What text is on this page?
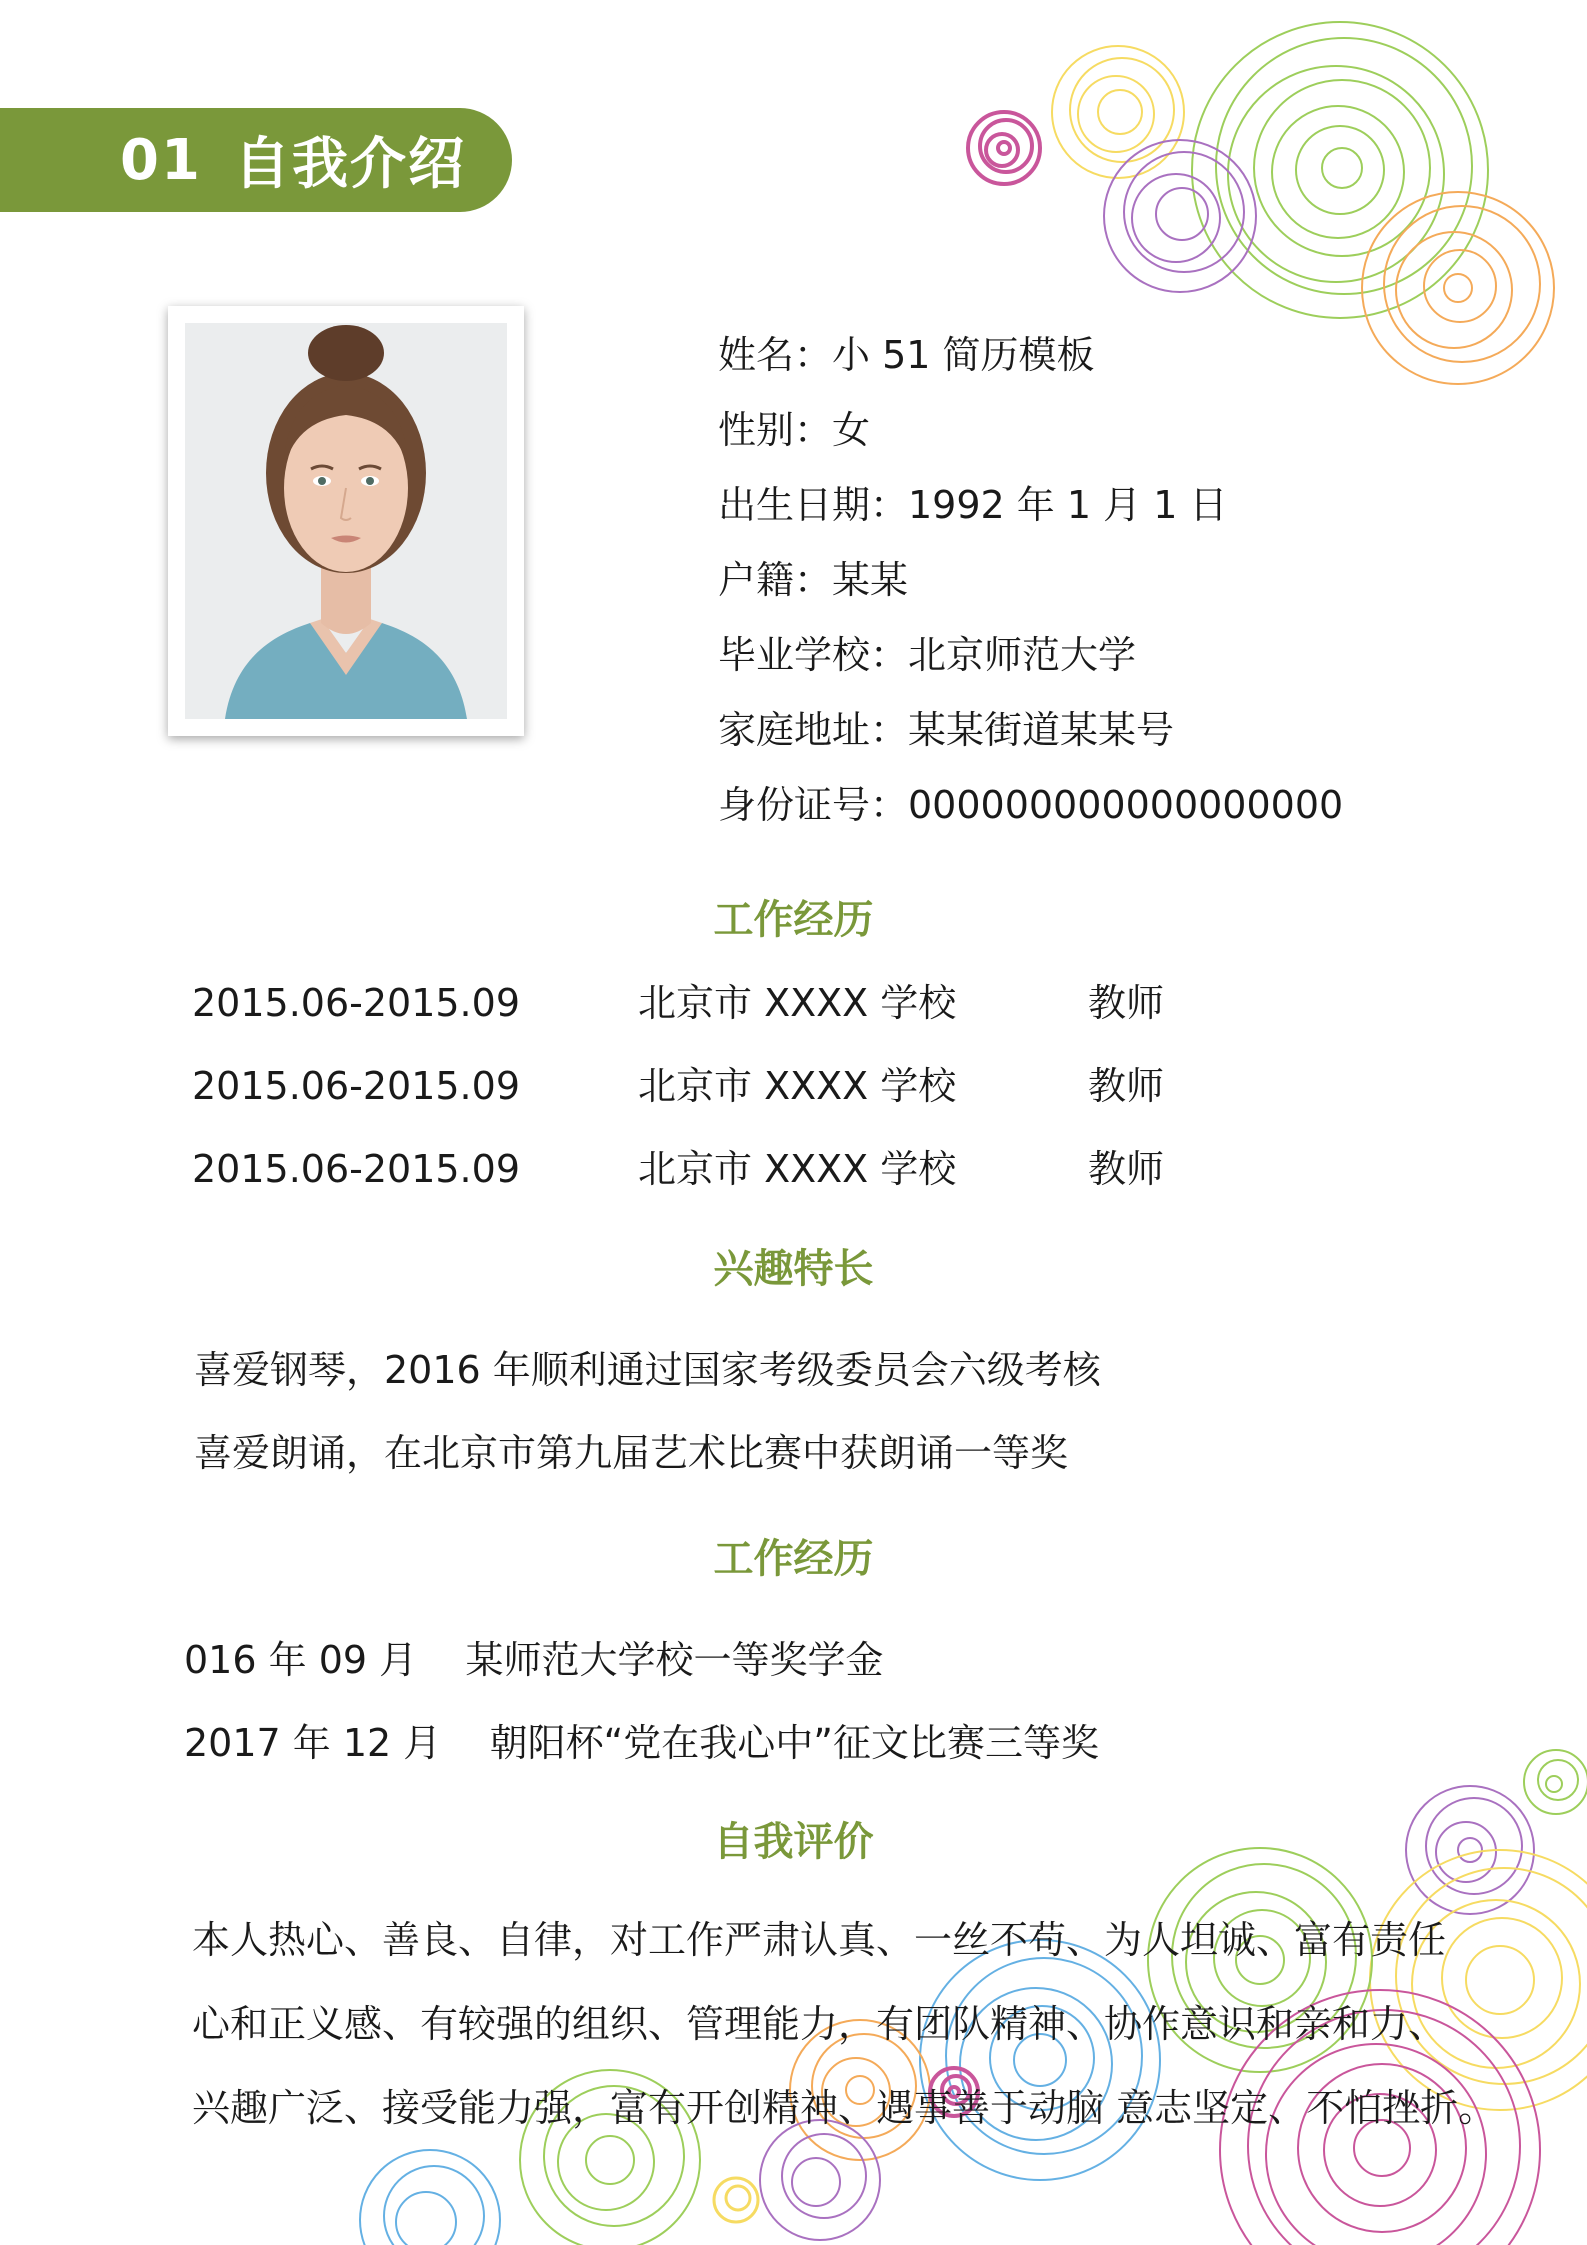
01 自我介绍
姓名：小 51 简历模板
性别：女
出生日期：1992 年 1 月 1 日
户籍：某某
毕业学校：北京师范大学
家庭地址：某某街道某某号
身份证号：000000000000000000
工作经历
2015.06-2015.09	北京市 XXXX 学校	教师
2015.06-2015.09	北京市 XXXX 学校	教师
2015.06-2015.09	北京市 XXXX 学校	教师
兴趣特长
喜爱钢琴，2016 年顺利通过国家考级委员会六级考核
喜爱朗诵，在北京市第九届艺术比赛中获朗诵一等奖
工作经历
016 年 09 月    某师范大学校一等奖学金
2017 年 12 月    朝阳杯“党在我心中”征文比赛三等奖
自我评价
本人热心、善良、自律，对工作严肃认真、一丝不苟、为人坦诚、富有责任
心和正义感、有较强的组织、管理能力，有团队精神、协作意识和亲和力、
兴趣广泛、接受能力强，富有开创精神、遇事善于动脑 意志坚定、不怕挫折。
